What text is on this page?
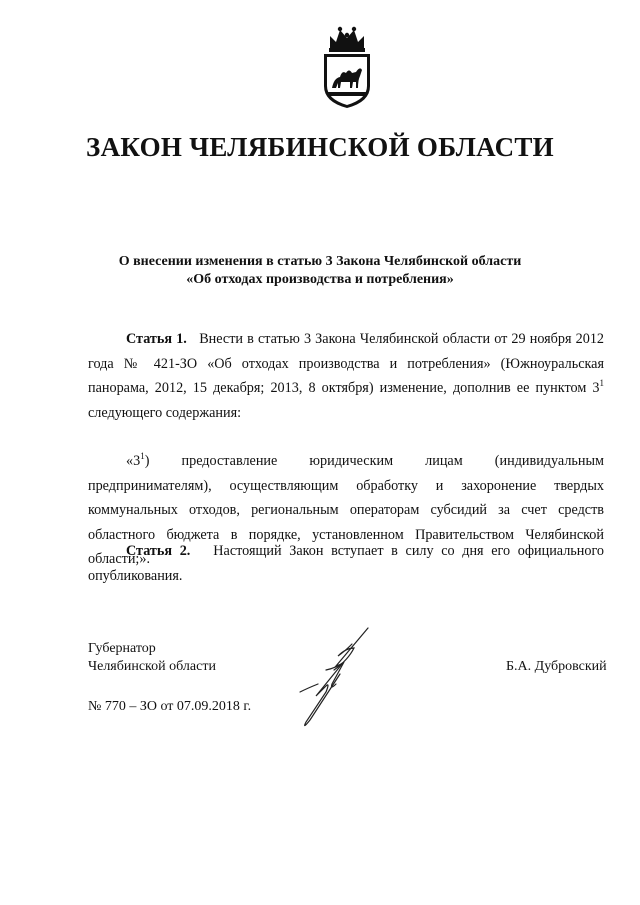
ЗАКОН ЧЕЛЯБИНСКОЙ ОБЛАСТИ
О внесении изменения в статью 3 Закона Челябинской области
«Об отходах производства и потребления»
Статья 1. Внести в статью 3 Закона Челябинской области от 29 ноября 2012 года № 421-ЗО «Об отходах производства и потребления» (Южноуральская панорама, 2012, 15 декабря; 2013, 8 октября) изменение, дополнив ее пунктом $3^1$ следующего содержания:
«$3^1$) предоставление юридическим лицам (индивидуальным предпринимателям), осуществляющим обработку и захоронение твердых коммунальных отходов, региональным операторам субсидий за счет средств областного бюджета в порядке, установленном Правительством Челябинской области;».
Статья 2. Настоящий Закон вступает в силу со дня его официального опубликования.
Губернатор
Челябинской области	Б.А. Дубровский
№ 770 – ЗО от 07.09.2018 г.
